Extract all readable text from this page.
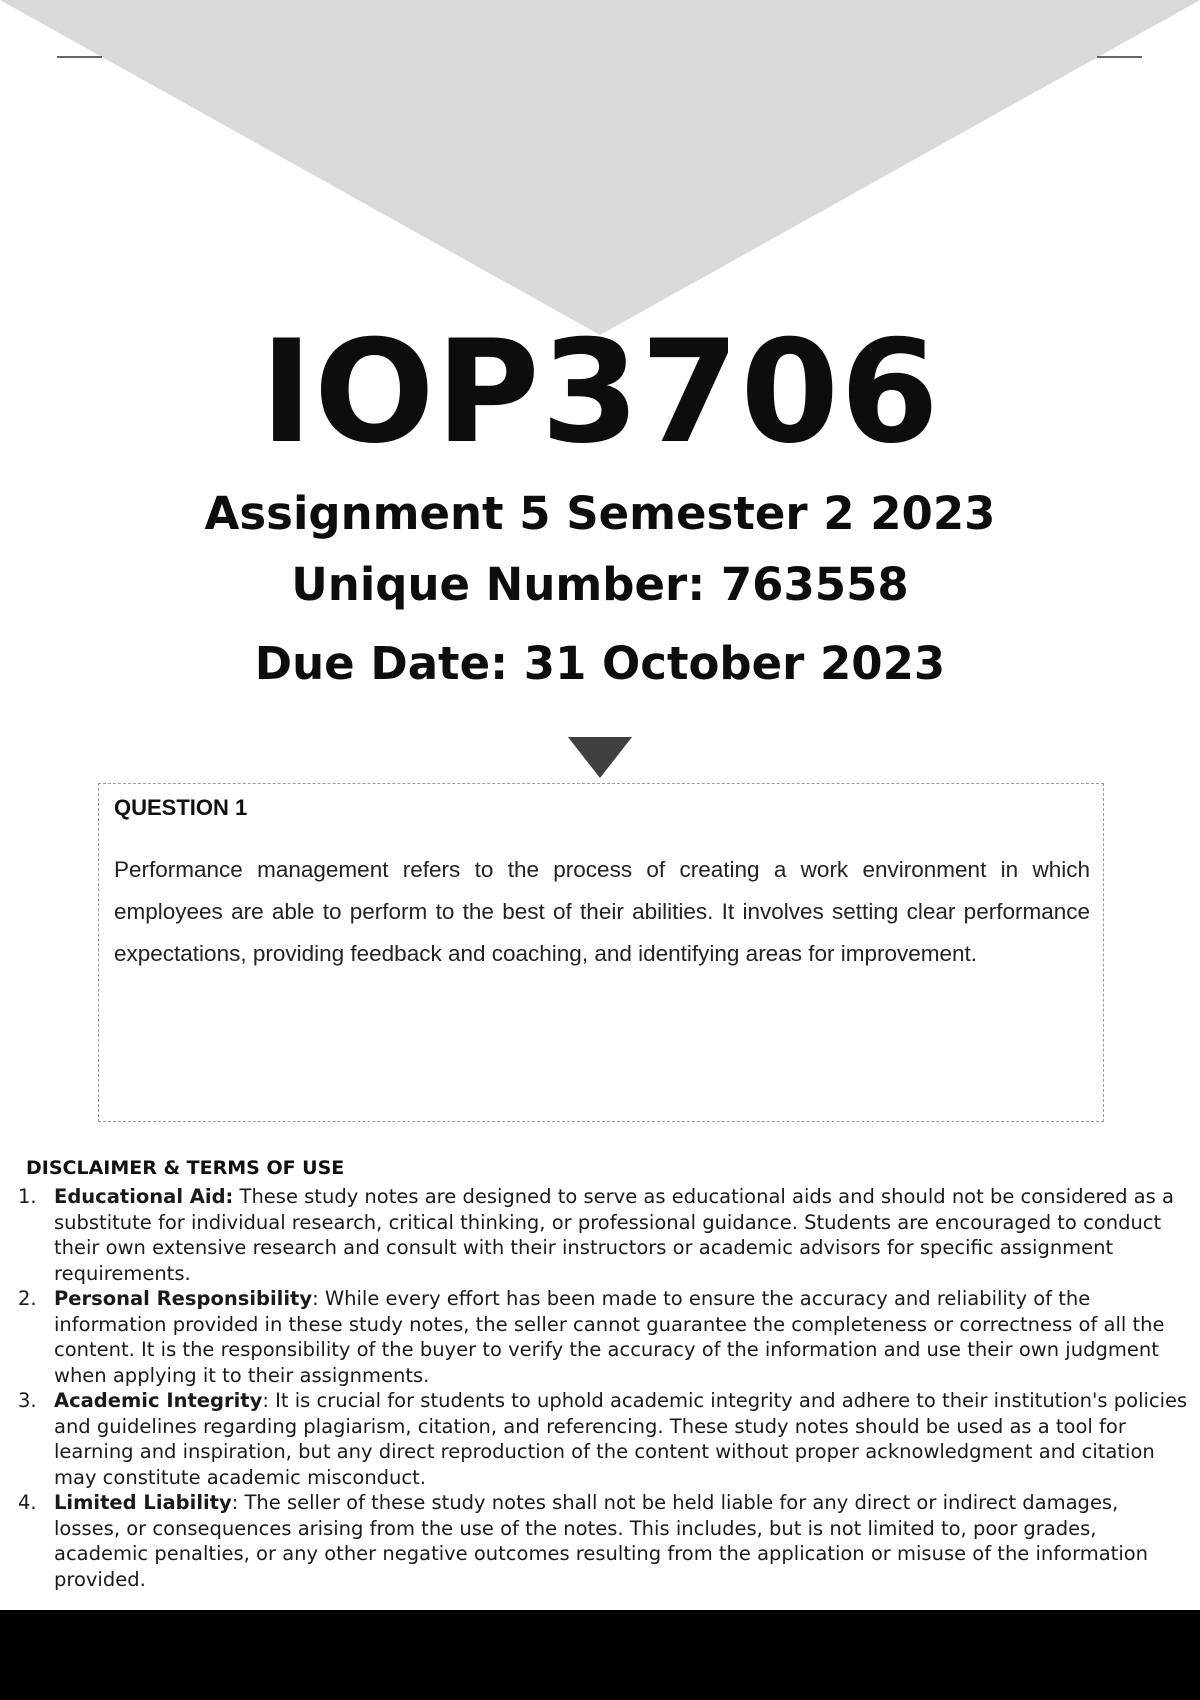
IOP3706
Assignment 5 Semester 2 2023
Unique Number: 763558
Due Date: 31 October 2023
QUESTION 1
Performance management refers to the process of creating a work environment in which employees are able to perform to the best of their abilities. It involves setting clear performance expectations, providing feedback and coaching, and identifying areas for improvement.
DISCLAIMER & TERMS OF USE
1. Educational Aid: These study notes are designed to serve as educational aids and should not be considered as a substitute for individual research, critical thinking, or professional guidance. Students are encouraged to conduct their own extensive research and consult with their instructors or academic advisors for specific assignment requirements.
2. Personal Responsibility: While every effort has been made to ensure the accuracy and reliability of the information provided in these study notes, the seller cannot guarantee the completeness or correctness of all the content. It is the responsibility of the buyer to verify the accuracy of the information and use their own judgment when applying it to their assignments.
3. Academic Integrity: It is crucial for students to uphold academic integrity and adhere to their institution's policies and guidelines regarding plagiarism, citation, and referencing. These study notes should be used as a tool for learning and inspiration, but any direct reproduction of the content without proper acknowledgment and citation may constitute academic misconduct.
4. Limited Liability: The seller of these study notes shall not be held liable for any direct or indirect damages, losses, or consequences arising from the use of the notes. This includes, but is not limited to, poor grades, academic penalties, or any other negative outcomes resulting from the application or misuse of the information provided.
